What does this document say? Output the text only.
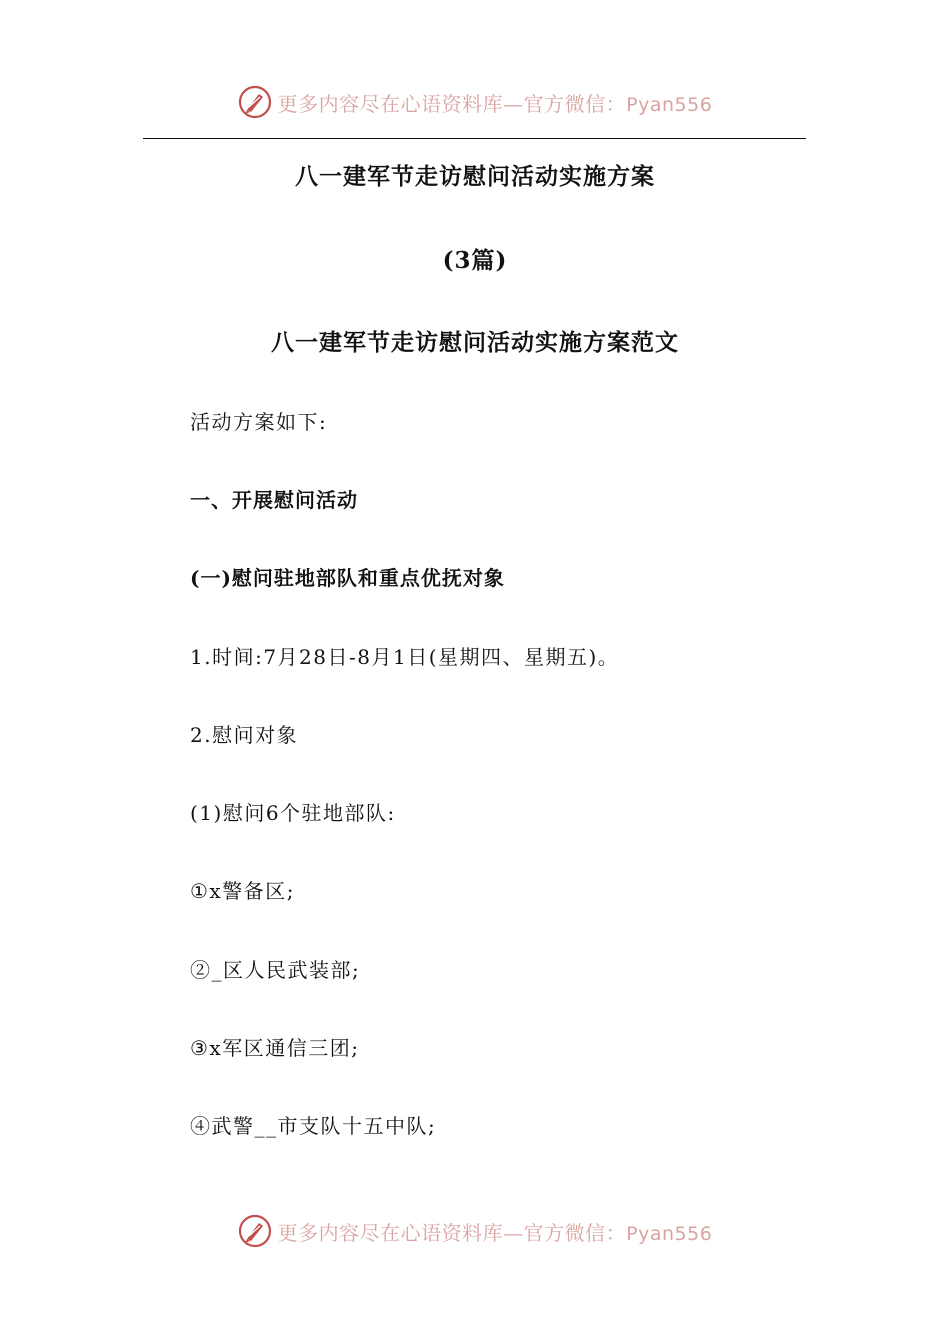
更多内容尽在心语资料库—官方微信：Pyan556
八一建军节走访慰问活动实施方案
(3篇)
八一建军节走访慰问活动实施方案范文
活动方案如下:
一、开展慰问活动
(一)慰问驻地部队和重点优抚对象
1.时间:7月28日-8月1日(星期四、星期五)。
2.慰问对象
(1)慰问6个驻地部队:
①x警备区;
②_区人民武装部;
③x军区通信三团;
④武警__市支队十五中队;
更多内容尽在心语资料库—官方微信：Pyan556
